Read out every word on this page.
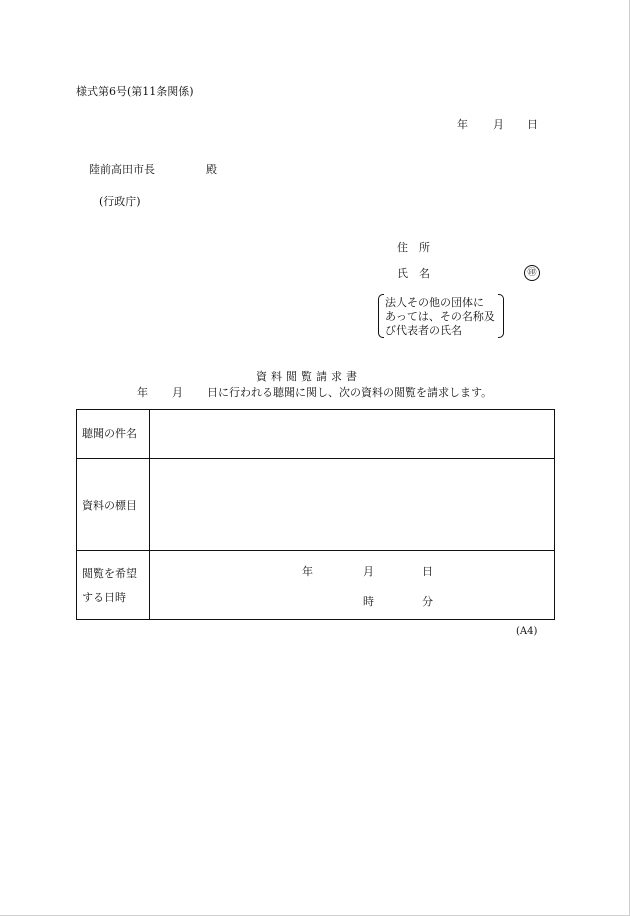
様式第6号(第11条関係)
年 月 日
陸前高田市長	殿
(行政庁)
住　所
氏　名	㊞
法人その他の団体に
あっては、その名称及
び代表者の氏名
資料閲覧請求書
年 月 日に行われる聴聞に関し、次の資料の閲覧を請求します。
聴聞の件名
資料の標目
閲覧を希望
する日時
年	月	日
時	分
(A4)
